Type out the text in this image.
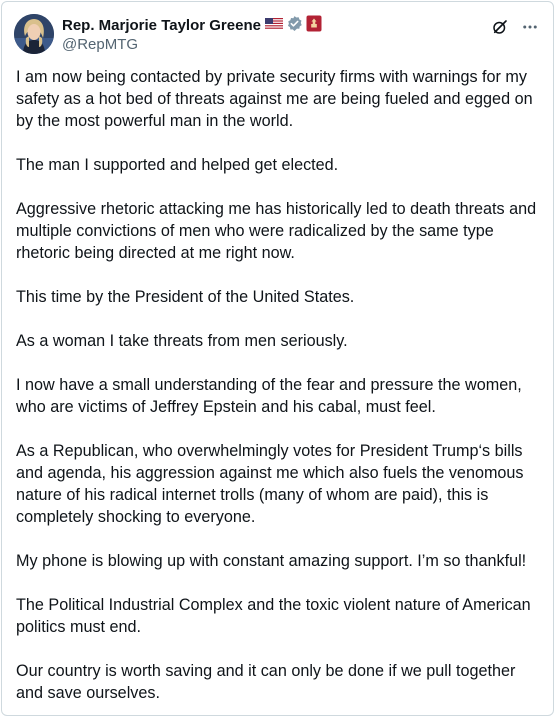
Rep. Marjorie Taylor Greene
@RepMTG

I am now being contacted by private security firms with warnings for my safety as a hot bed of threats against me are being fueled and egged on by the most powerful man in the world.

The man I supported and helped get elected.

Aggressive rhetoric attacking me has historically led to death threats and multiple convictions of men who were radicalized by the same type rhetoric being directed at me right now.

This time by the President of the United States.

As a woman I take threats from men seriously.

I now have a small understanding of the fear and pressure the women, who are victims of Jeffrey Epstein and his cabal, must feel.

As a Republican, who overwhelmingly votes for President Trump‘s bills and agenda, his aggression against me which also fuels the venomous nature of his radical internet trolls (many of whom are paid), this is completely shocking to everyone.

My phone is blowing up with constant amazing support. I’m so thankful!

The Political Industrial Complex and the toxic violent nature of American politics must end.

Our country is worth saving and it can only be done if we pull together and save ourselves.
